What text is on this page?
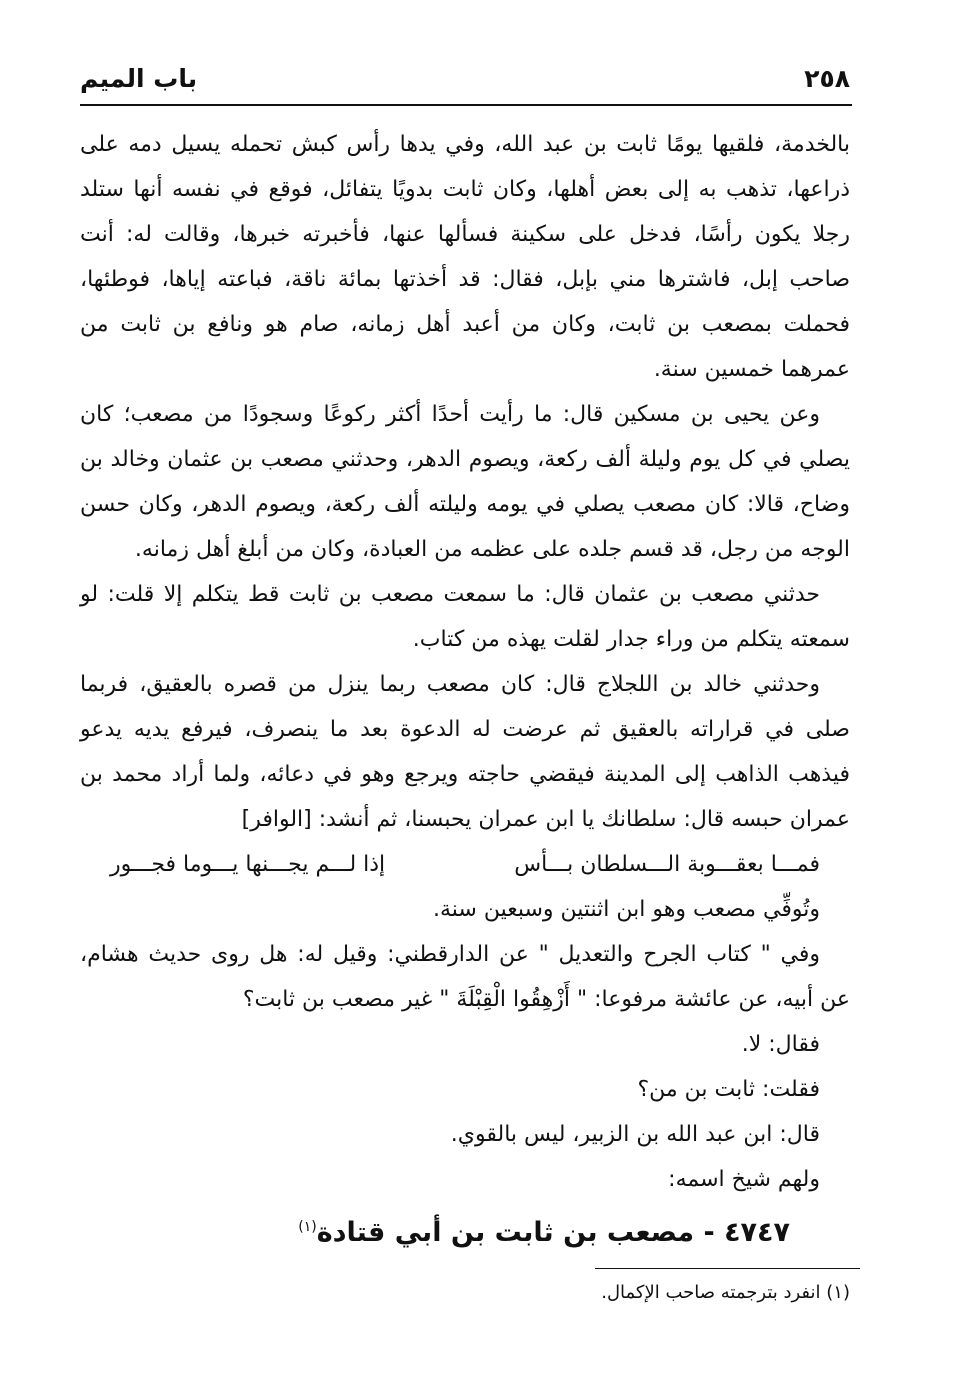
٢٥٨
باب الميم

بالخدمة، فلقيها يومًا ثابت بن عبد الله، وفي يدها رأس كبش تحمله يسيل دمه على ذراعها، تذهب به إلى بعض أهلها، وكان ثابت بدويًا يتفائل، فوقع في نفسه أنها ستلد رجلا يكون رأسًا، فدخل على سكينة فسألها عنها، فأخبرته خبرها، وقالت له: أنت صاحب إبل، فاشترها مني بإبل، فقال: قد أخذتها بمائة ناقة، فباعته إياها، فوطئها، فحملت بمصعب بن ثابت، وكان من أعبد أهل زمانه، صام هو ونافع بن ثابت من عمرهما خمسين سنة.

وعن يحيى بن مسكين قال: ما رأيت أحدًا أكثر ركوعًا وسجودًا من مصعب؛ كان يصلي في كل يوم وليلة ألف ركعة، ويصوم الدهر، وحدثني مصعب بن عثمان وخالد بن وضاح، قالا: كان مصعب يصلي في يومه وليلته ألف ركعة، ويصوم الدهر، وكان حسن الوجه من رجل، قد قسم جلده على عظمه من العبادة، وكان من أبلغ أهل زمانه.

حدثني مصعب بن عثمان قال: ما سمعت مصعب بن ثابت قط يتكلم إلا قلت: لو سمعته يتكلم من وراء جدار لقلت يهذه من كتاب.

وحدثني خالد بن اللجلاج قال: كان مصعب ربما ينزل من قصره بالعقيق، فربما صلى في قراراته بالعقيق ثم عرضت له الدعوة بعد ما ينصرف، فيرفع يديه يدعو فيذهب الذاهب إلى المدينة فيقضي حاجته ويرجع وهو في دعائه، ولما أراد محمد بن عمران حبسه قال: سلطانك يا ابن عمران يحبسنا، ثم أنشد: [الوافر]

فمـــا بعقـــوبة الـــسلطان بـــأس
إذا لـــم يجـــنها يـــوما فجـــور

وتُوفِّي مصعب وهو ابن اثنتين وسبعين سنة.

وفي " كتاب الجرح والتعديل " عن الدارقطني: وقيل له: هل روى حديث هشام، عن أبيه، عن عائشة مرفوعا: " أَزْهِقُوا الْقِبْلَةَ " غير مصعب بن ثابت؟

فقال: لا.

فقلت: ثابت بن من؟

قال: ابن عبد الله بن الزبير، ليس بالقوي.

ولهم شيخ اسمه:

٤٧٤٧ - مصعب بن ثابت بن أبي قتادة$^{(١)}$

(١) انفرد بترجمته صاحب الإكمال.
